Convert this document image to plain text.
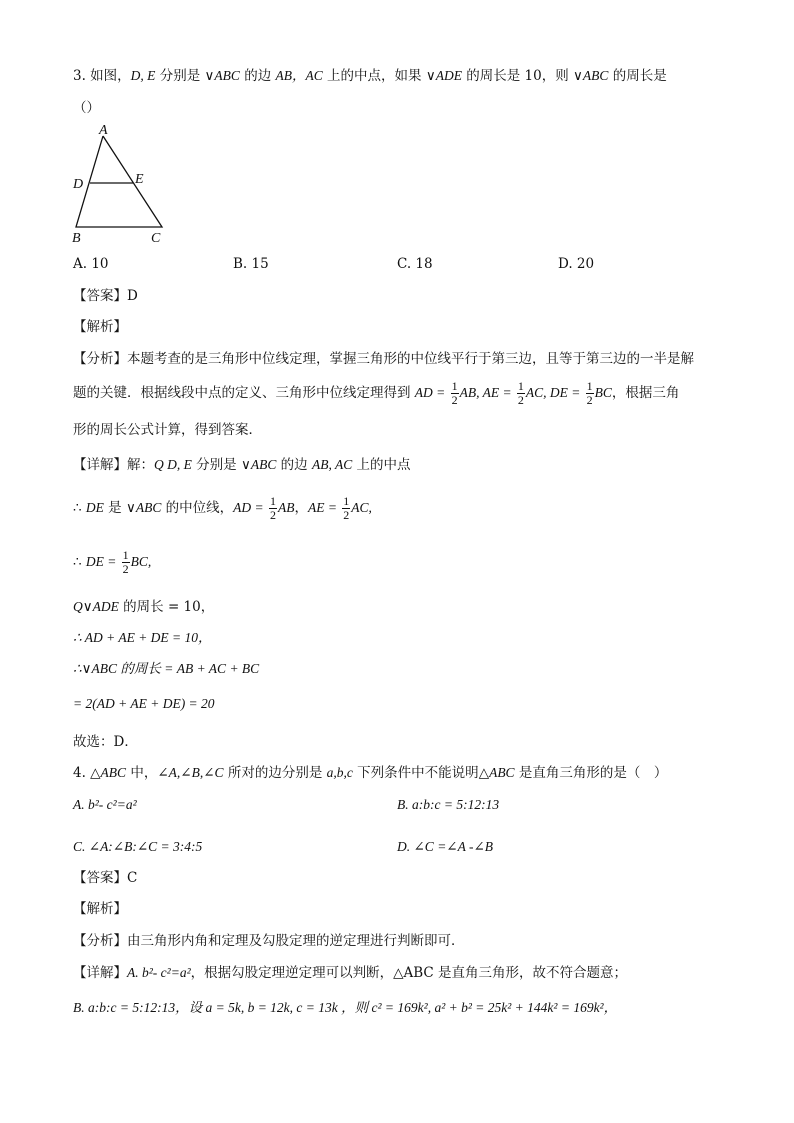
3. 如图，D, E 分别是 ∨ABC 的边 AB，AC 上的中点，如果 ∨ADE 的周长是 10，则 ∨ABC 的周长是
（）
A
D	E
B	C
A. 10	B. 15	C. 18	D. 20
【答案】D
【解析】
【分析】本题考查的是三角形中位线定理，掌握三角形的中位线平行于第三边，且等于第三边的一半是解
题的关键．根据线段中点的定义、三角形中位线定理得到 AD = $\frac{1}{2}$ AB, AE = $\frac{1}{2}$ AC, DE = $\frac{1}{2}$ BC，根据三角
形的周长公式计算，得到答案．
【详解】解：Q D, E 分别是 ∨ABC 的边 AB, AC 上的中点
∴ DE 是 ∨ABC 的中位线，AD = $\frac{1}{2}$ AB，AE = $\frac{1}{2}$ AC,
∴ DE = $\frac{1}{2}$ BC,
Q∨ADE 的周长 = 10，
∴ AD + AE + DE = 10，
∴∨ABC 的周长 = AB + AC + BC
= 2(AD + AE + DE) = 20
故选：D．
4. △ABC 中，∠A,∠B,∠C 所对的边分别是 a,b,c 下列条件中不能说明△ABC 是直角三角形的是（　）
A. b²- c²=a²	B. a:b:c = 5:12:13
C. ∠A:∠B:∠C = 3:4:5	D. ∠C =∠A -∠B
【答案】C
【解析】
【分析】由三角形内角和定理及勾股定理的逆定理进行判断即可．
【详解】A. b²- c²=a²，根据勾股定理逆定理可以判断，△ABC 是直角三角形，故不符合题意；
B. a:b:c = 5:12:13，设 a = 5k, b = 12k, c = 13k ，则 c² = 169k², a² + b² = 25k² + 144k² = 169k²，
